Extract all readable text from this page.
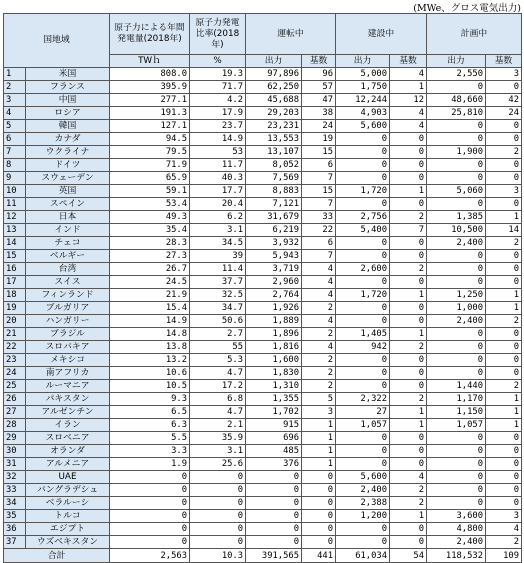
(MWe、グロス電気出力)
国地域		原子力による年間発電量(2018年)	原子力発電比率(2018年)	運転中		建設中		計画中	
		TWｈ	%	出力	基数	出力	基数	出力	基数
1	米国	808.0	19.3	97,896	96	5,000	4	2,550	3
2	フランス	395.9	71.7	62,250	57	1,750	1	0	0
3	中国	277.1	4.2	45,688	47	12,244	12	48,660	42
4	ロシア	191.3	17.9	29,203	38	4,903	4	25,810	24
5	韓国	127.1	23.7	23,231	24	5,600	4	0	0
6	カナダ	94.5	14.9	13,553	19	0	0	0	0
7	ウクライナ	79.5	53	13,107	15	0	0	1,900	2
8	ドイツ	71.9	11.7	8,052	6	0	0	0	0
9	スウェーデン	65.9	40.3	7,569	7	0	0	0	0
10	英国	59.1	17.7	8,883	15	1,720	1	5,060	3
11	スペイン	53.4	20.4	7,121	7	0	0	0	0
12	日本	49.3	6.2	31,679	33	2,756	2	1,385	1
13	インド	35.4	3.1	6,219	22	5,400	7	10,500	14
14	チェコ	28.3	34.5	3,932	6	0	0	2,400	2
15	ベルギー	27.3	39	5,943	7	0	0	0	0
16	台湾	26.7	11.4	3,719	4	2,600	2	0	0
17	スイス	24.5	37.7	2,960	4	0	0	0	0
18	フィンランド	21.9	32.5	2,764	4	1,720	1	1,250	1
19	ブルガリア	15.4	34.7	1,926	2	0	0	1,000	1
20	ハンガリー	14.9	50.6	1,889	4	0	0	2,400	2
21	ブラジル	14.8	2.7	1,896	2	1,405	1	0	0
22	スロバキア	13.8	55	1,816	4	942	2	0	0
23	メキシコ	13.2	5.3	1,600	2	0	0	0	0
24	南アフリカ	10.6	4.7	1,830	2	0	0	0	0
25	ルーマニア	10.5	17.2	1,310	2	0	0	1,440	2
26	パキスタン	9.3	6.8	1,355	5	2,322	2	1,170	1
27	アルゼンチン	6.5	4.7	1,702	3	27	1	1,150	1
28	イラン	6.3	2.1	915	1	1,057	1	1,057	1
29	スロベニア	5.5	35.9	696	1	0	0	0	0
30	オランダ	3.3	3.1	485	1	0	0	0	0
31	アルメニア	1.9	25.6	376	1	0	0	0	0
32	UAE	0	0	0	0	5,600	4	0	0
33	バングラデシュ	0	0	0	0	2,400	2	0	0
34	ベラルーシ	0	0	0	0	2,388	2	0	0
35	トルコ	0	0	0	0	1,200	1	3,600	3
36	エジプト	0	0	0	0	0	0	4,800	4
37	ウズベキスタン	0	0	0	0	0	0	2,400	2
合計		2,563	10.3	391,565	441	61,034	54	118,532	109
